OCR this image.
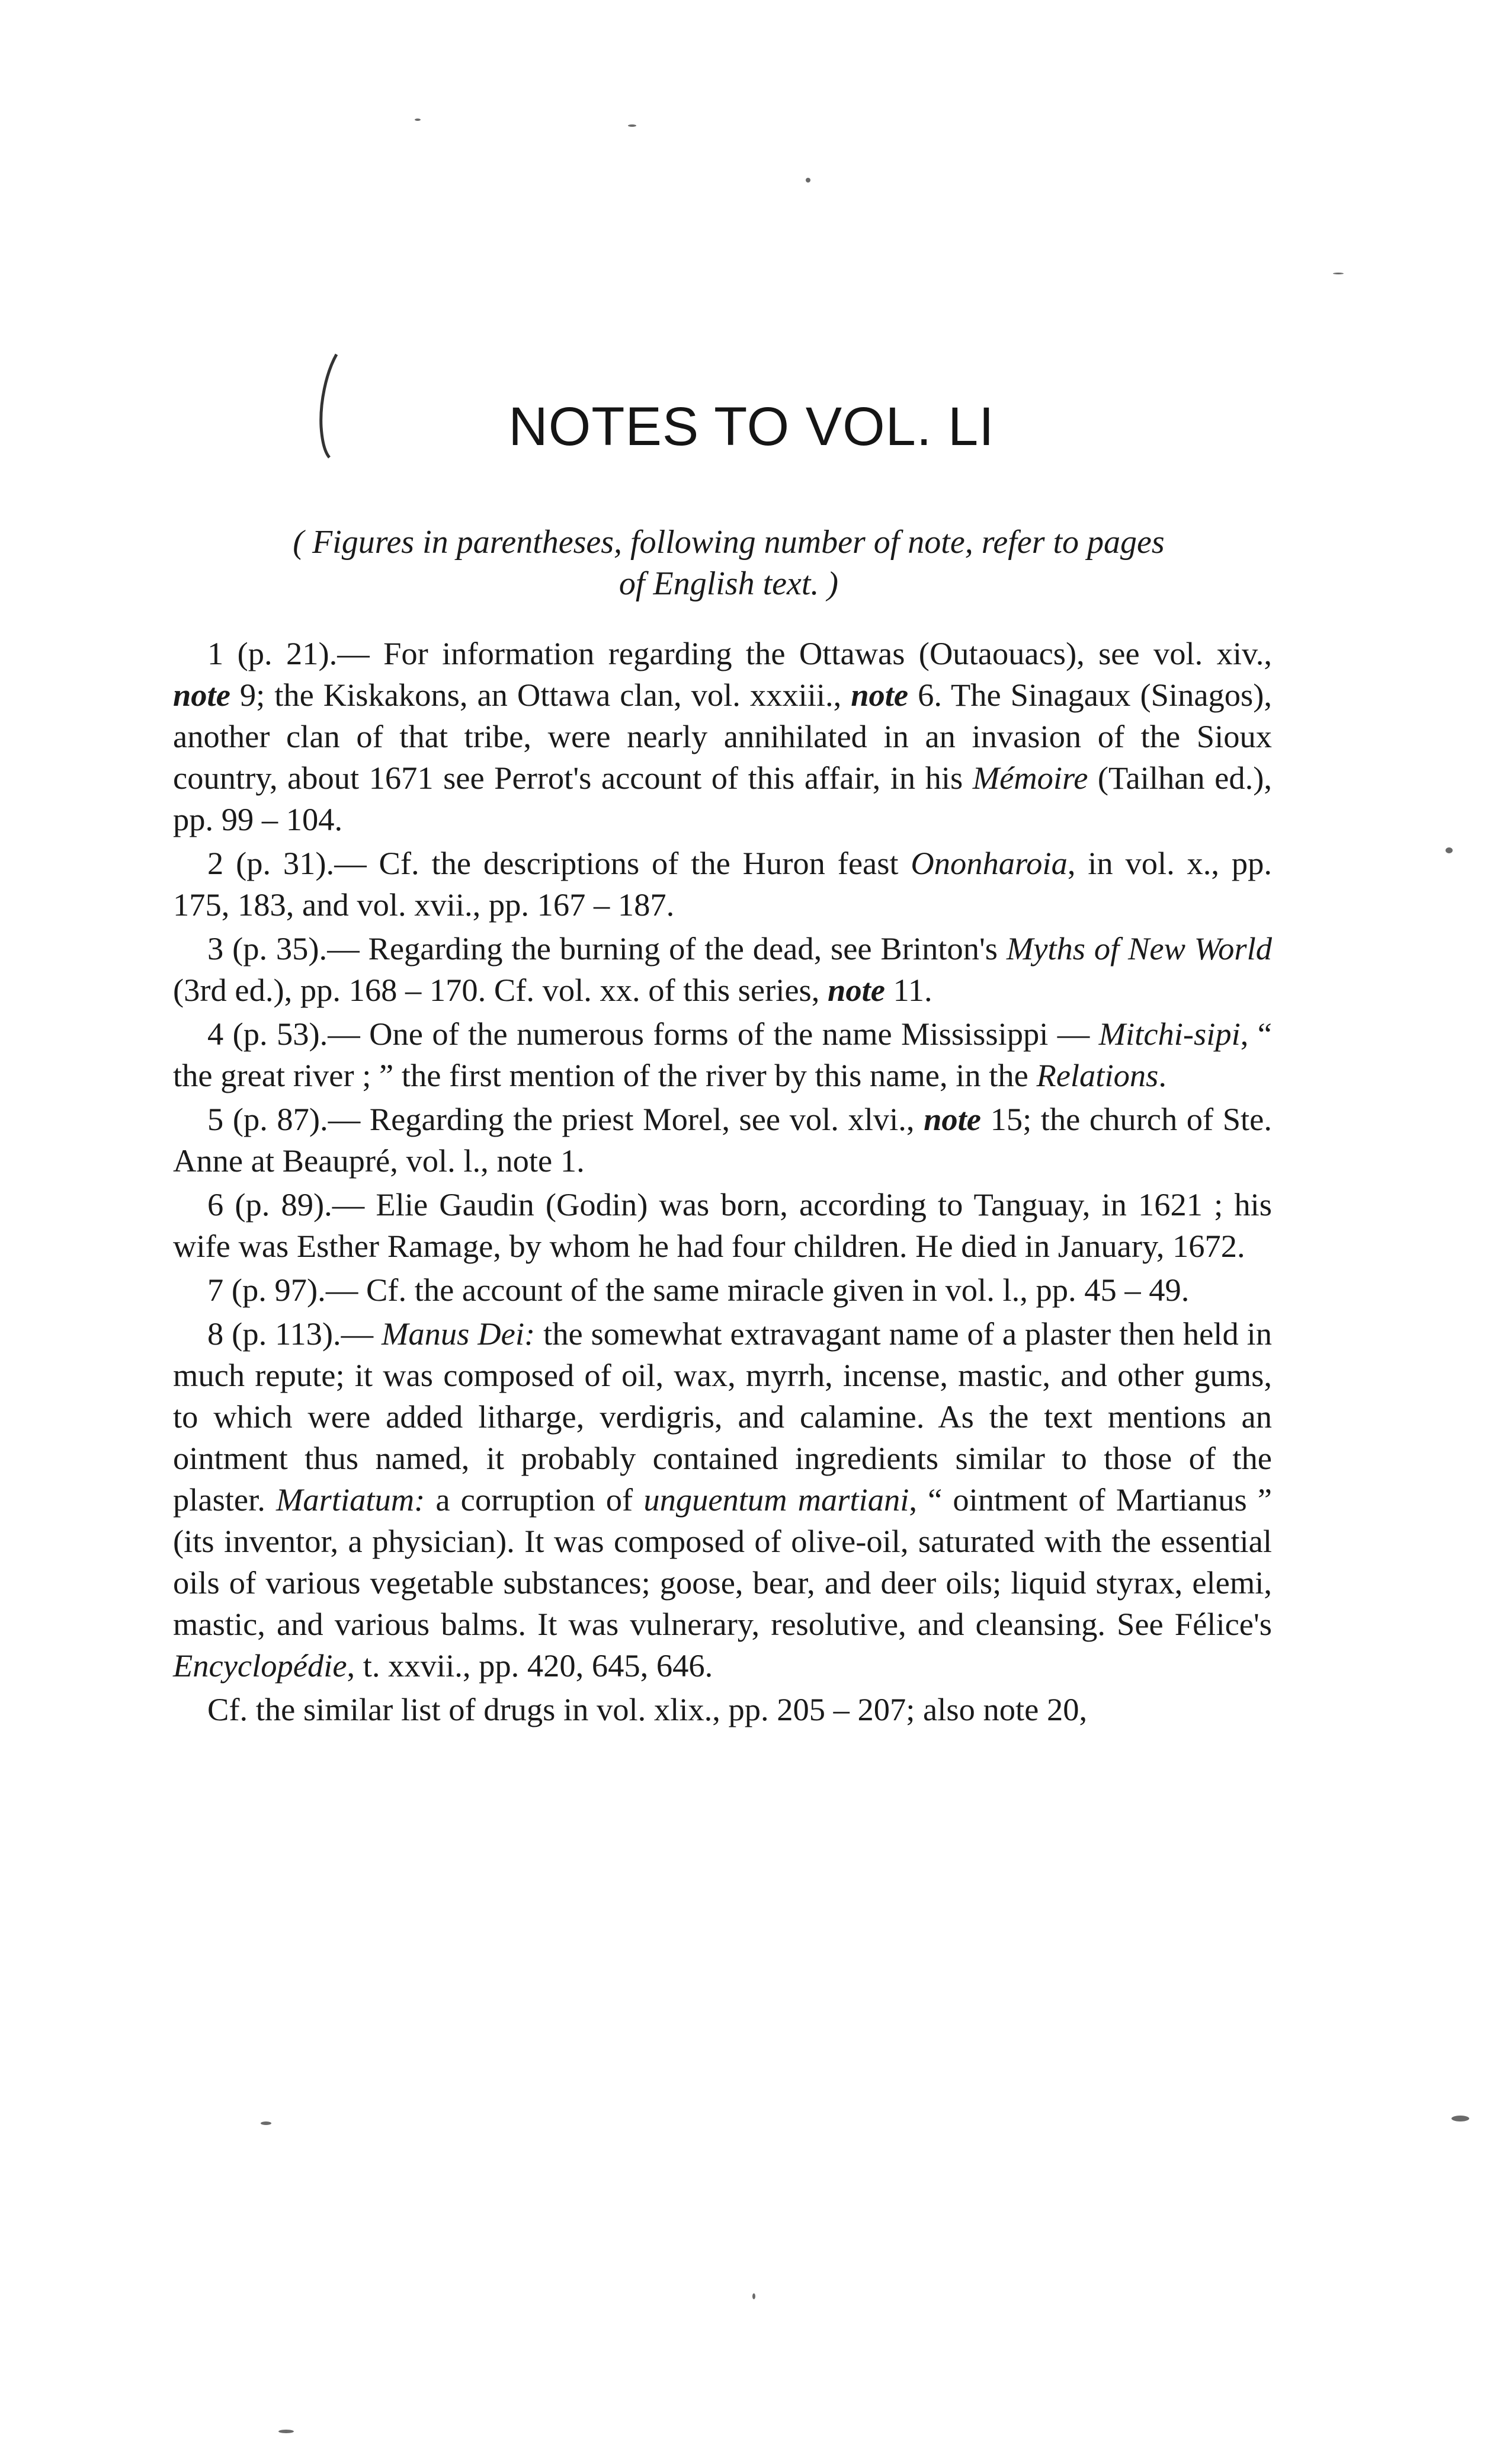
NOTES TO VOL. LI
( Figures in parentheses, following number of note, refer to pages
of English text. )

1 (p. 21).— For information regarding the Ottawas (Outaouacs), see vol. xiv., note 9; the Kiskakons, an Ottawa clan, vol. xxxiii., note 6. The Sinagaux (Sinagos), another clan of that tribe, were nearly annihilated in an invasion of the Sioux country, about 1671 see Perrot's account of this affair, in his Mémoire (Tailhan ed.), pp. 99 – 104.

2 (p. 31).— Cf. the descriptions of the Huron feast Ononharoia, in vol. x., pp. 175, 183, and vol. xvii., pp. 167 – 187.

3 (p. 35).— Regarding the burning of the dead, see Brinton's Myths of New World (3rd ed.), pp. 168 – 170. Cf. vol. xx. of this series, note 11.

4 (p. 53).— One of the numerous forms of the name Mississippi — Mitchi-sipi, “ the great river ; ” the first mention of the river by this name, in the Relations.

5 (p. 87).— Regarding the priest Morel, see vol. xlvi., note 15; the church of Ste. Anne at Beaupré, vol. l., note 1.

6 (p. 89).— Elie Gaudin (Godin) was born, according to Tanguay, in 1621 ; his wife was Esther Ramage, by whom he had four children. He died in January, 1672.

7 (p. 97).— Cf. the account of the same miracle given in vol. l., pp. 45 – 49.

8 (p. 113).— Manus Dei: the somewhat extravagant name of a plaster then held in much repute; it was composed of oil, wax, myrrh, incense, mastic, and other gums, to which were added litharge, verdigris, and calamine. As the text mentions an ointment thus named, it probably contained ingredients similar to those of the plaster. Martiatum: a corruption of unguentum martiani, “ ointment of Martianus ” (its inventor, a physician). It was composed of olive-oil, saturated with the essential oils of various vegetable substances; goose, bear, and deer oils; liquid styrax, elemi, mastic, and various balms. It was vulnerary, resolutive, and cleansing. See Félice's Encyclopédie, t. xxvii., pp. 420, 645, 646.

Cf. the similar list of drugs in vol. xlix., pp. 205 – 207; also note 20,
